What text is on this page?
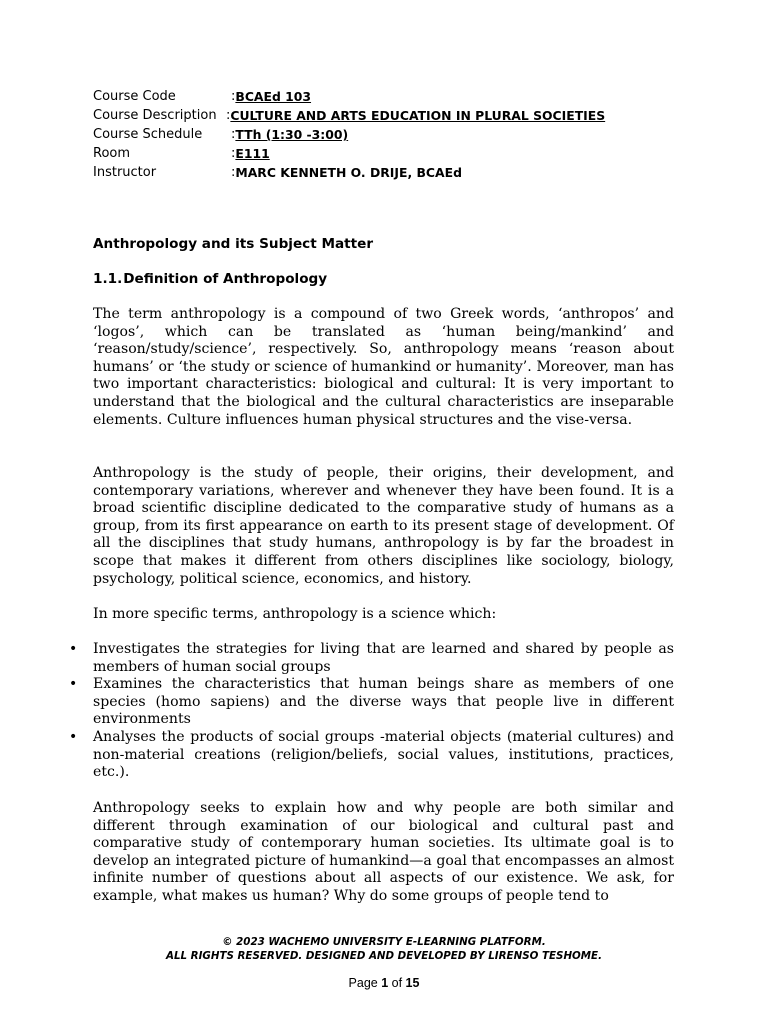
Course Code	: BCAEd 103
Course Description : CULTURE AND ARTS EDUCATION IN PLURAL SOCIETIES
Course Schedule	: TTh (1:30 -3:00)
Room	: E111
Instructor	: MARC KENNETH O. DRIJE, BCAEd
Anthropology and its Subject Matter
1.1.Definition of Anthropology

The term anthropology is a compound of two Greek words, ‘anthropos’ and ‘logos’, which can be translated as ‘human being/mankind’ and ‘reason/study/science’, respectively. So, anthropology means ‘reason about humans’ or ‘the study or science of humankind or humanity’. Moreover, man has two important characteristics: biological and cultural: It is very important to understand that the biological and the cultural characteristics are inseparable elements. Culture influences human physical structures and the vise-versa.

Anthropology is the study of people, their origins, their development, and contemporary variations, wherever and whenever they have been found. It is a broad scientific discipline dedicated to the comparative study of humans as a group, from its first appearance on earth to its present stage of development. Of all the disciplines that study humans, anthropology is by far the broadest in scope that makes it different from others disciplines like sociology, biology, psychology, political science, economics, and history.

In more specific terms, anthropology is a science which:

• Investigates the strategies for living that are learned and shared by people as members of human social groups
• Examines the characteristics that human beings share as members of one species (homo sapiens) and the diverse ways that people live in different environments
• Analyses the products of social groups -material objects (material cultures) and non-material creations (religion/beliefs, social values, institutions, practices, etc.).

Anthropology seeks to explain how and why people are both similar and different through examination of our biological and cultural past and comparative study of contemporary human societies. Its ultimate goal is to develop an integrated picture of humankind—a goal that encompasses an almost infinite number of questions about all aspects of our existence. We ask, for example, what makes us human? Why do some groups of people tend to

© 2023 WACHEMO UNIVERSITY E-LEARNING PLATFORM.
ALL RIGHTS RESERVED. DESIGNED AND DEVELOPED BY LIRENSO TESHOME.
Page 1 of 15
